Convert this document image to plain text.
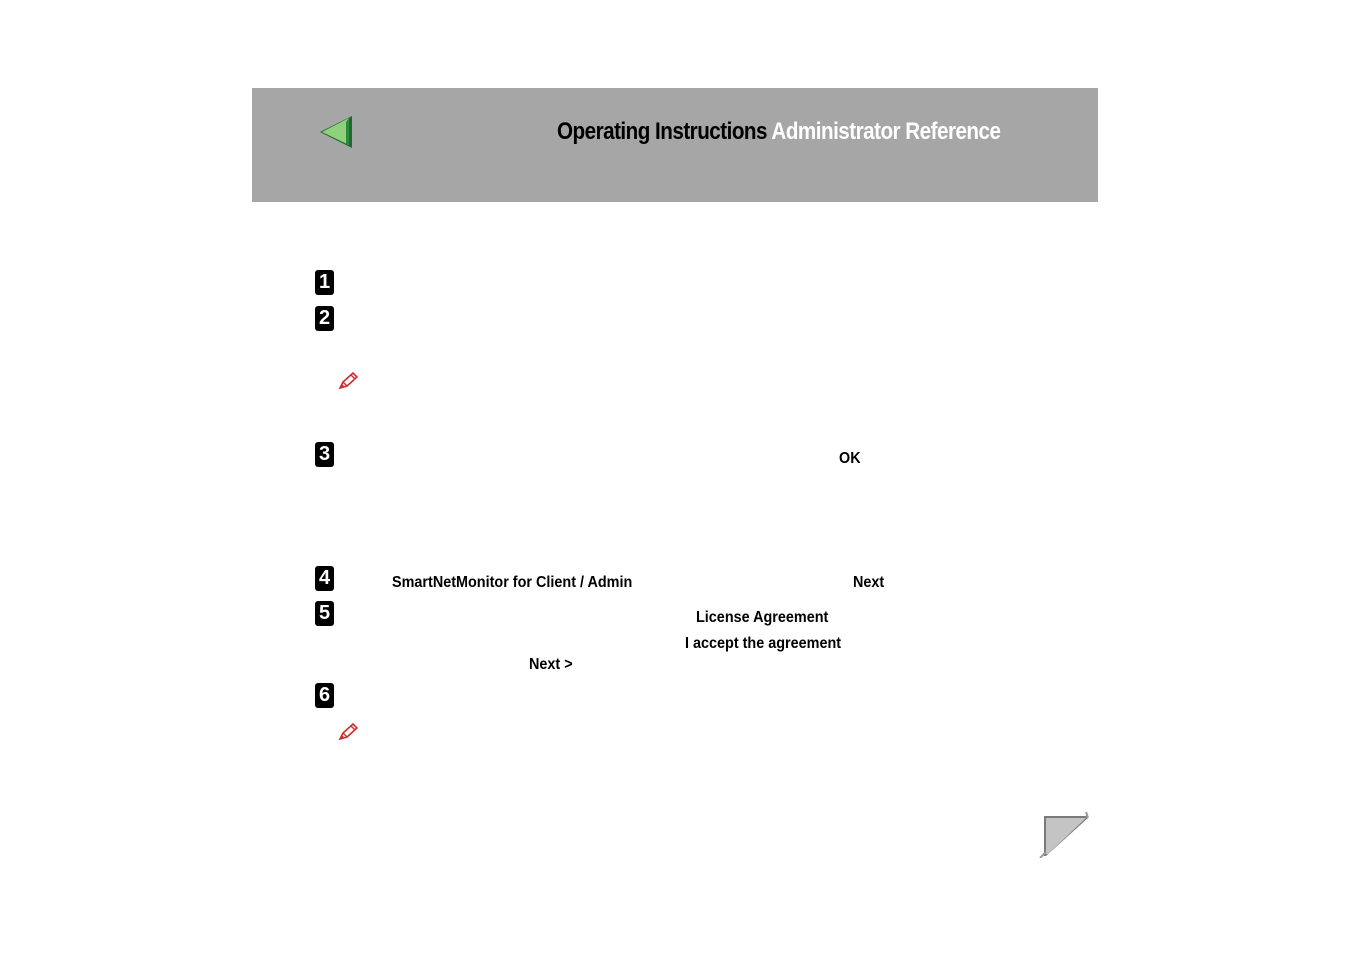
Operating Instructions Administrator Reference
1
2
3
4
5
6
OK
SmartNetMonitor for Client / Admin	Next
License Agreement
I accept the agreement
Next >
